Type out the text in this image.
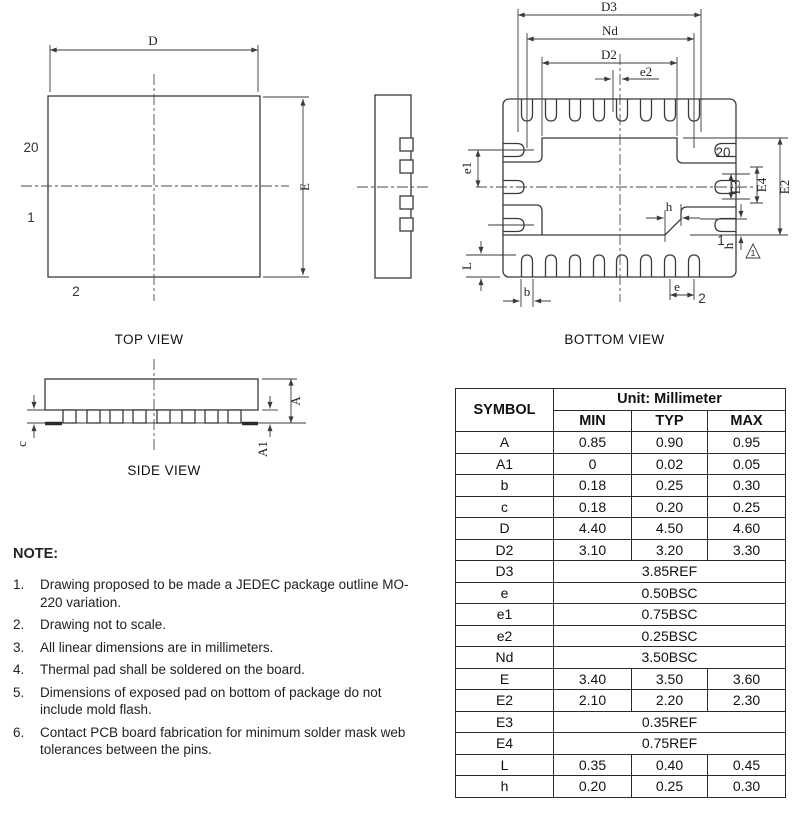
D
E
20
1
2
D3
Nd
D2
e2
e1
L
b	e
h
h
E3 E4 E2
20
1
2
1
c
A
A1
TOP VIEW	BOTTOM VIEW
SIDE VIEW

NOTE:

1.	Drawing proposed to be made a JEDEC package outline MO-220 variation.
2.	Drawing not to scale.
3.	All linear dimensions are in millimeters.
4.	Thermal pad shall be soldered on the board.
5.	Dimensions of exposed pad on bottom of package do not include mold flash.
6.	Contact PCB board fabrication for minimum solder mask web tolerances between the pins.
SYMBOL	Unit: Millimeter		
	MIN	TYP	MAX
A	0.85	0.90	0.95
A1	0	0.02	0.05
b	0.18	0.25	0.30
c	0.18	0.20	0.25
D	4.40	4.50	4.60
D2	3.10	3.20	3.30
D3	3.85REF		
e	0.50BSC		
e1	0.75BSC		
e2	0.25BSC		
Nd	3.50BSC		
E	3.40	3.50	3.60
E2	2.10	2.20	2.30
E3	0.35REF		
E4	0.75REF		
L	0.35	0.40	0.45
h	0.20	0.25	0.30
